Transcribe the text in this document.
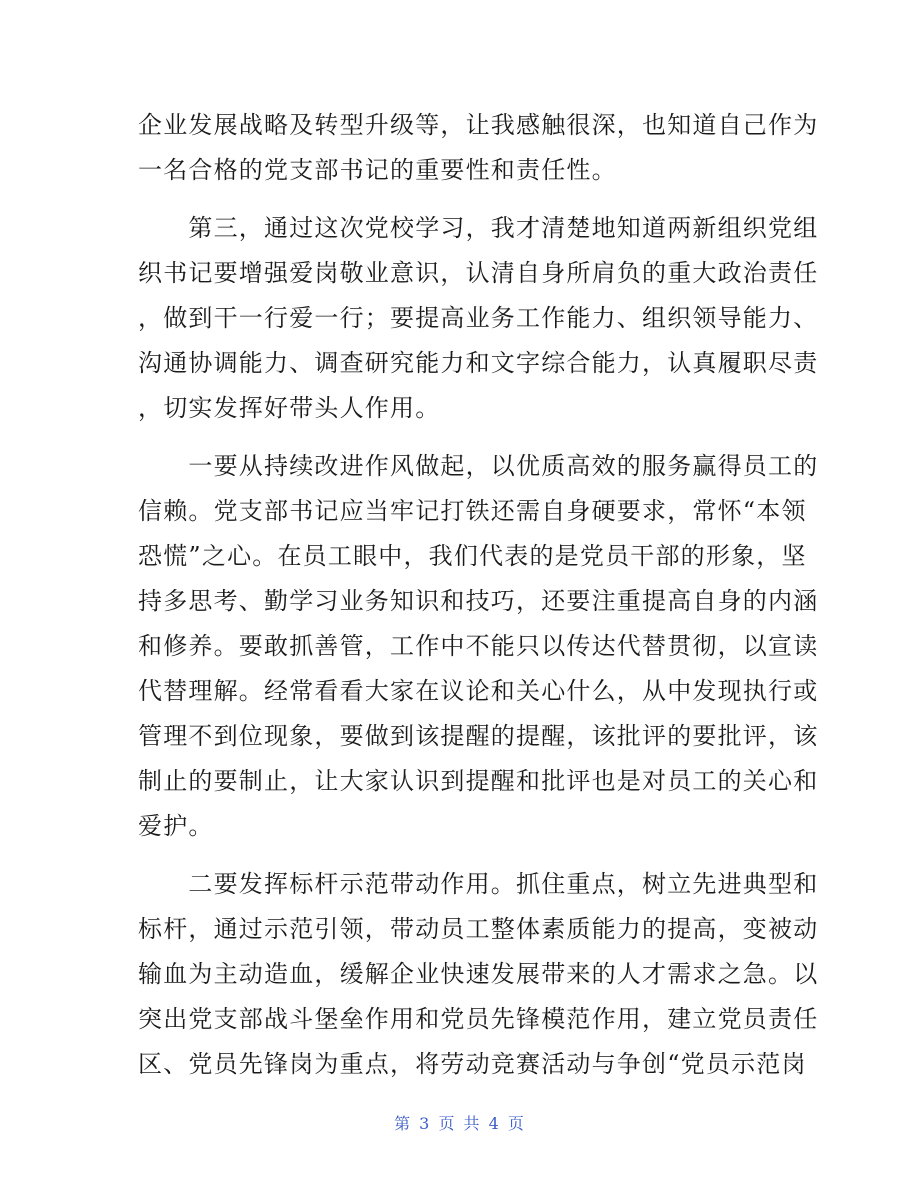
企业发展战略及转型升级等，让我感触很深，也知道自己作为
一名合格的党支部书记的重要性和责任性。
　　第三，通过这次党校学习，我才清楚地知道两新组织党组
织书记要增强爱岗敬业意识，认清自身所肩负的重大政治责任
，做到干一行爱一行；要提高业务工作能力、组织领导能力、
沟通协调能力、调查研究能力和文字综合能力，认真履职尽责
，切实发挥好带头人作用。
　　一要从持续改进作风做起，以优质高效的服务赢得员工的
信赖。党支部书记应当牢记打铁还需自身硬要求，常怀“本领
恐慌”之心。在员工眼中，我们代表的是党员干部的形象，坚
持多思考、勤学习业务知识和技巧，还要注重提高自身的内涵
和修养。要敢抓善管，工作中不能只以传达代替贯彻，以宣读
代替理解。经常看看大家在议论和关心什么，从中发现执行或
管理不到位现象，要做到该提醒的提醒，该批评的要批评，该
制止的要制止，让大家认识到提醒和批评也是对员工的关心和
爱护。
　　二要发挥标杆示范带动作用。抓住重点，树立先进典型和
标杆，通过示范引领，带动员工整体素质能力的提高，变被动
输血为主动造血，缓解企业快速发展带来的人才需求之急。以
突出党支部战斗堡垒作用和党员先锋模范作用，建立党员责任
区、党员先锋岗为重点，将劳动竞赛活动与争创“党员示范岗
第 3 页 共 4 页
